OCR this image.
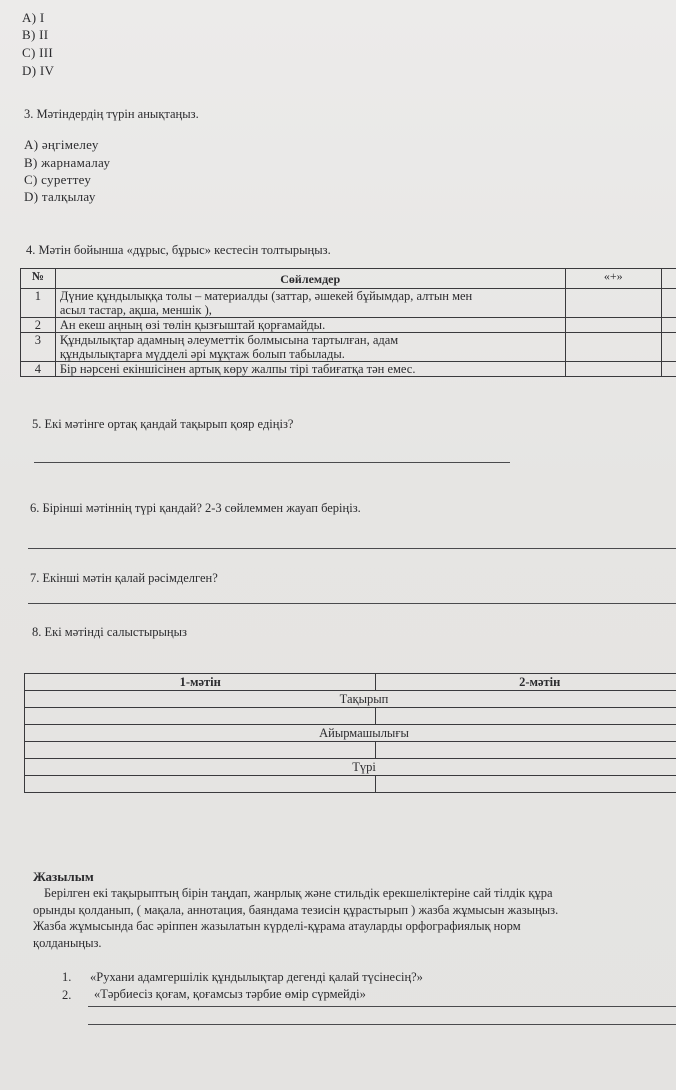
A) I
B) II
C) III
D) IV
3. Мәтіндердің түрін анықтаңыз.
А) әңгімелеу
В) жарнамалау
С) суреттеу
D) талқылау
4. Мәтін бойынша «дұрыс, бұрыс» кестесін толтырыңыз.
№	Сөйлемдер	«+»	
1	Дүние құндылыққа толы – материалды (заттар, әшекей бұйымдар, алтын мен
асыл тастар, ақша, меншік ),		

2	Ан екеш аңның өзі төлін қызғыштай қорғамайды.		
3	Құндылықтар адамның әлеуметтік болмысына тартылған, адам
құндылықтарға мүдделі әрі мұқтаж болып табылады.		

4	Бір нәрсені екіншісінен артық көру жалпы тірі табиғатқа тән емес.		
5. Екі мәтінге ортақ қандай тақырып қояр едіңіз?
6. Бірінші мәтіннің түрі қандай? 2-3 сөйлеммен жауап беріңіз.
7. Екінші мәтін қалай рәсімделген?
8. Екі мәтінді салыстырыңыз
1-мәтін	2-мәтін
Тақырып	

Айырмашылығы	

Түрі	

Жазылым
Берілген екі тақырыптың бірін таңдап, жанрлық және стильдік ерекшеліктеріне сай тілдік құра
орынды қолданып, ( мақала, аннотация, баяндама тезисін құрастырып ) жазба жұмысын жазыңыз.
Жазба жұмысында бас әріппен жазылатын күрделі-құрама атауларды орфографиялық норм
қолданыңыз.
1. «Рухани адамгершілік құндылықтар дегенді қалай түсінесің?»
2. «Тәрбиесіз қоғам, қоғамсыз тәрбие өмір сүрмейді»
